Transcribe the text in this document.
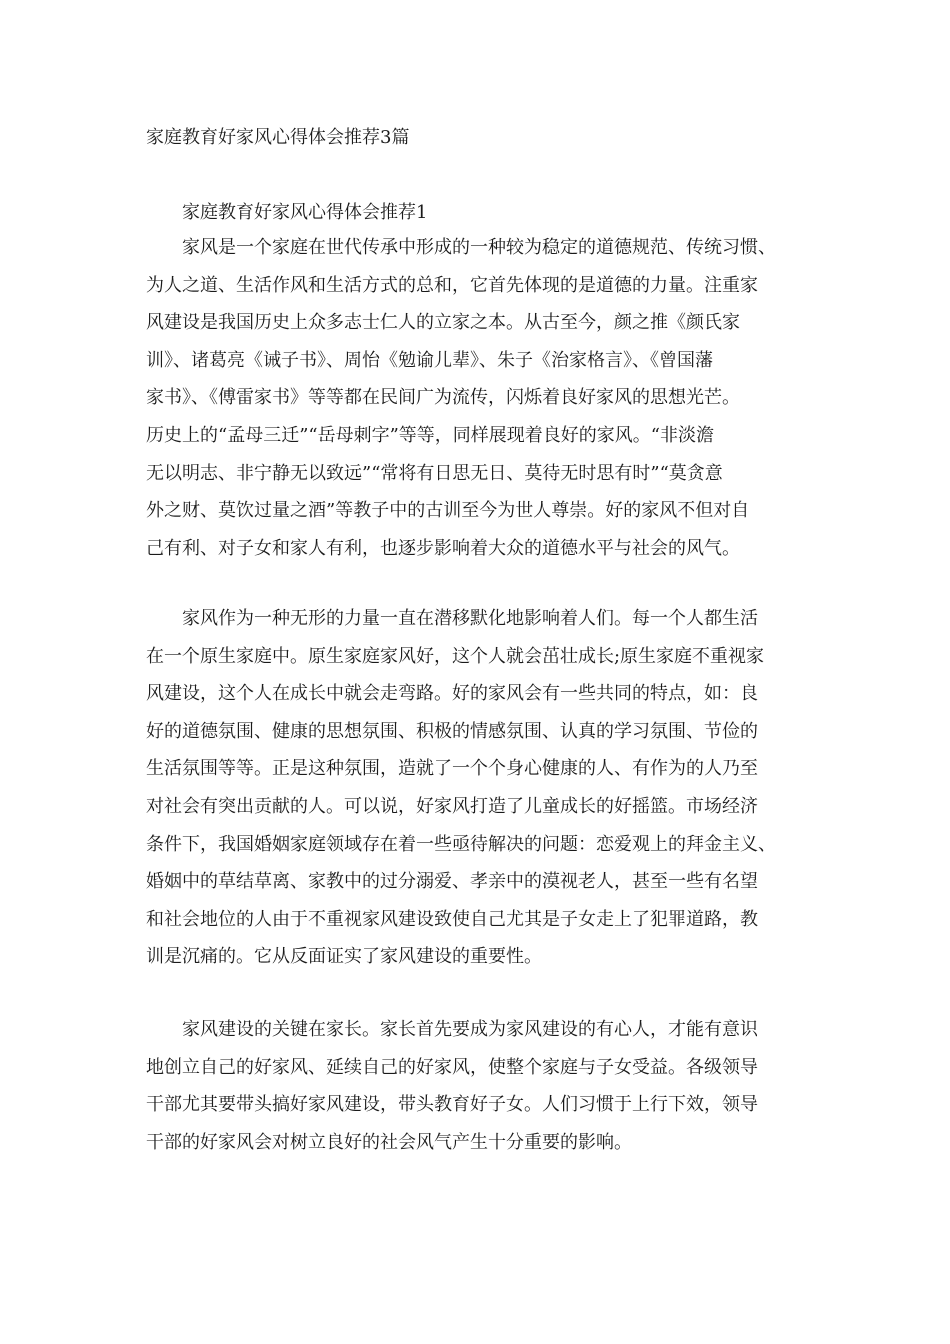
家庭教育好家风心得体会推荐3篇
家庭教育好家风心得体会推荐1
家风是一个家庭在世代传承中形成的一种较为稳定的道德规范、传统习惯、
为人之道、生活作风和生活方式的总和，它首先体现的是道德的力量。注重家
风建设是我国历史上众多志士仁人的立家之本。从古至今，颜之推《颜氏家
训》、诸葛亮《诫子书》、周怡《勉谕儿辈》、朱子《治家格言》、《曾国藩
家书》、《傅雷家书》等等都在民间广为流传，闪烁着良好家风的思想光芒。
历史上的“孟母三迁”“岳母刺字”等等，同样展现着良好的家风。“非淡澹
无以明志、非宁静无以致远”“常将有日思无日、莫待无时思有时”“莫贪意
外之财、莫饮过量之酒”等教子中的古训至今为世人尊崇。好的家风不但对自
己有利、对子女和家人有利，也逐步影响着大众的道德水平与社会的风气。
家风作为一种无形的力量一直在潜移默化地影响着人们。每一个人都生活
在一个原生家庭中。原生家庭家风好，这个人就会茁壮成长;原生家庭不重视家
风建设，这个人在成长中就会走弯路。好的家风会有一些共同的特点，如：良
好的道德氛围、健康的思想氛围、积极的情感氛围、认真的学习氛围、节俭的
生活氛围等等。正是这种氛围，造就了一个个身心健康的人、有作为的人乃至
对社会有突出贡献的人。可以说，好家风打造了儿童成长的好摇篮。市场经济
条件下，我国婚姻家庭领域存在着一些亟待解决的问题：恋爱观上的拜金主义、
婚姻中的草结草离、家教中的过分溺爱、孝亲中的漠视老人，甚至一些有名望
和社会地位的人由于不重视家风建设致使自己尤其是子女走上了犯罪道路，教
训是沉痛的。它从反面证实了家风建设的重要性。
家风建设的关键在家长。家长首先要成为家风建设的有心人，才能有意识
地创立自己的好家风、延续自己的好家风，使整个家庭与子女受益。各级领导
干部尤其要带头搞好家风建设，带头教育好子女。人们习惯于上行下效，领导
干部的好家风会对树立良好的社会风气产生十分重要的影响。
